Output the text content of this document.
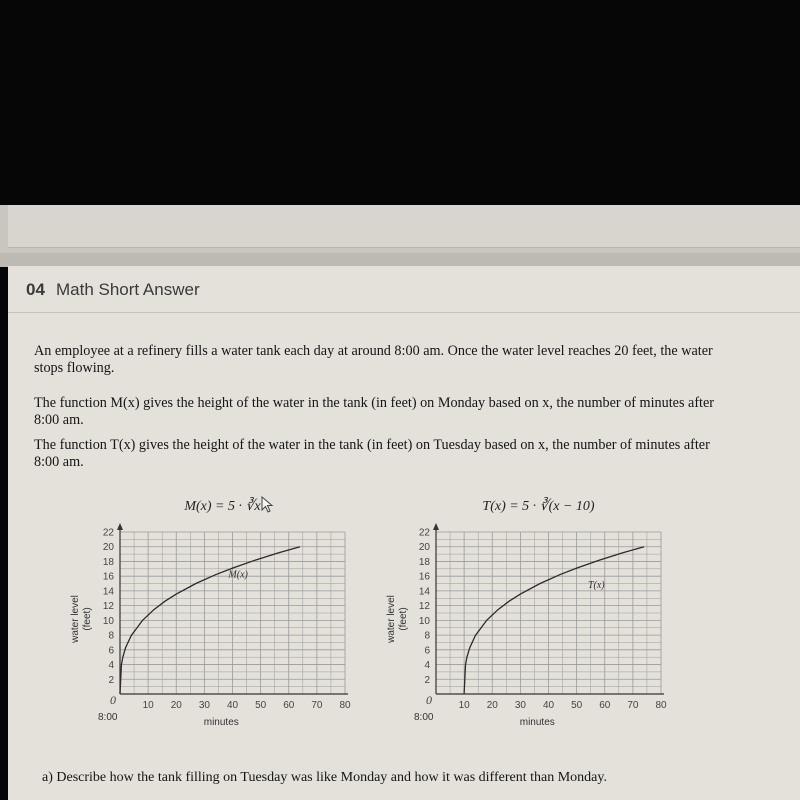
04 Math Short Answer

An employee at a refinery fills a water tank each day at around 8:00 am. Once the water level reaches 20 feet, the water stops flowing.

The function M(x) gives the height of the water in the tank (in feet) on Monday based on x, the number of minutes after 8:00 am.

The function T(x) gives the height of the water in the tank (in feet) on Tuesday based on x, the number of minutes after 8:00 am.

M(x) = 5 · ∛x
2
4
6
8
10
12
14
16
18
20
22
10 20 30 40 50 60 70 80
0
8:00	minutes
water level(feet)
M(x)
T(x) = 5 · ∛(x − 10)
2
4
6
8
10
12
14
16
18
20
22
10 20 30 40 50 60 70 80
0
8:00	minutes
water level(feet)
T(x)
a) Describe how the tank filling on Tuesday was like Monday and how it was different than Monday.
